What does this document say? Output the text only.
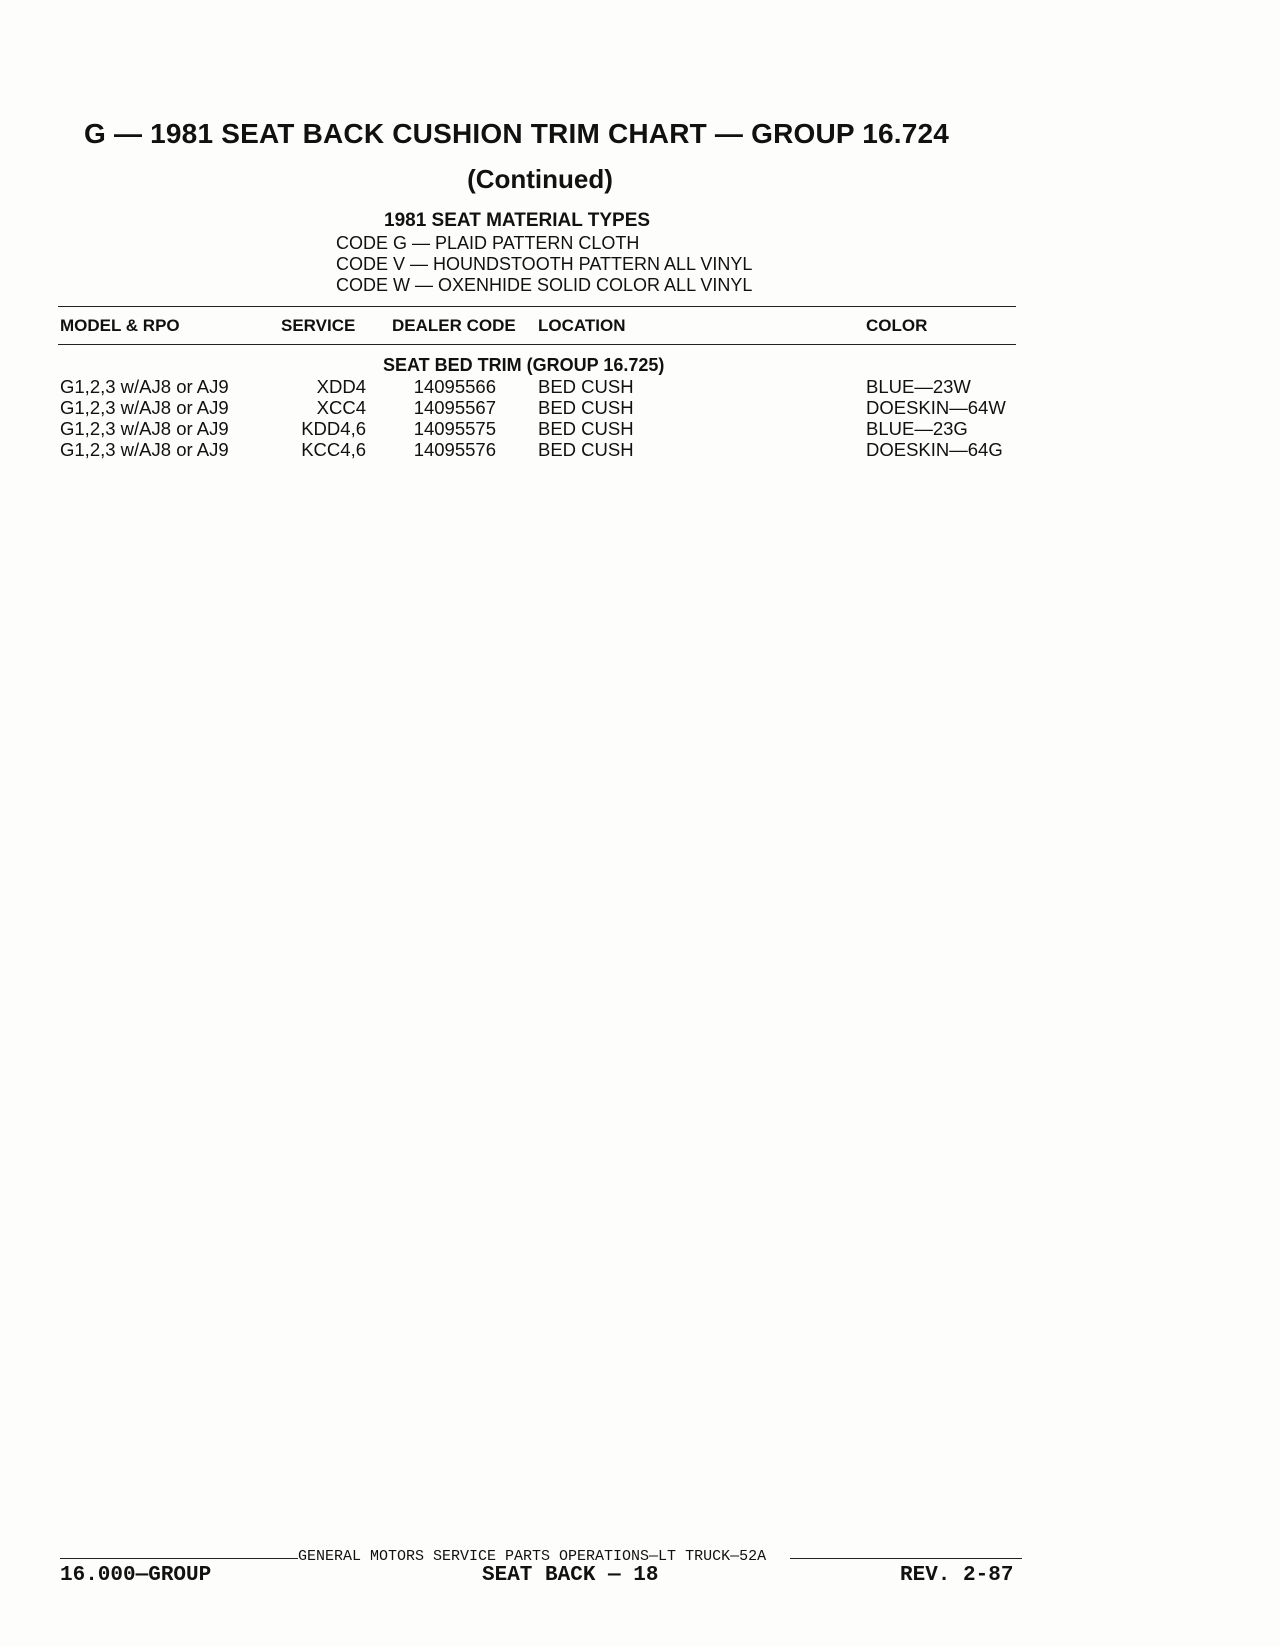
G — 1981 SEAT BACK CUSHION TRIM CHART — GROUP 16.724
(Continued)
1981 SEAT MATERIAL TYPES
CODE G — PLAID PATTERN CLOTH
CODE V — HOUNDSTOOTH PATTERN ALL VINYL
CODE W — OXENHIDE SOLID COLOR ALL VINYL
MODEL & RPO	SERVICE DEALER CODE LOCATION	COLOR
SEAT BED TRIM (GROUP 16.725)
G1,2,3 w/AJ8 or AJ9	XDD4	14095566 BED CUSH	BLUE—23W
G1,2,3 w/AJ8 or AJ9	XCC4	14095567 BED CUSH	DOESKIN—64W
G1,2,3 w/AJ8 or AJ9	KDD4,6	14095575 BED CUSH	BLUE—23G
G1,2,3 w/AJ8 or AJ9	KCC4,6	14095576 BED CUSH	DOESKIN—64G
GENERAL MOTORS SERVICE PARTS OPERATIONS—LT TRUCK—52A
16.000—GROUP	SEAT BACK — 18	REV. 2-87
